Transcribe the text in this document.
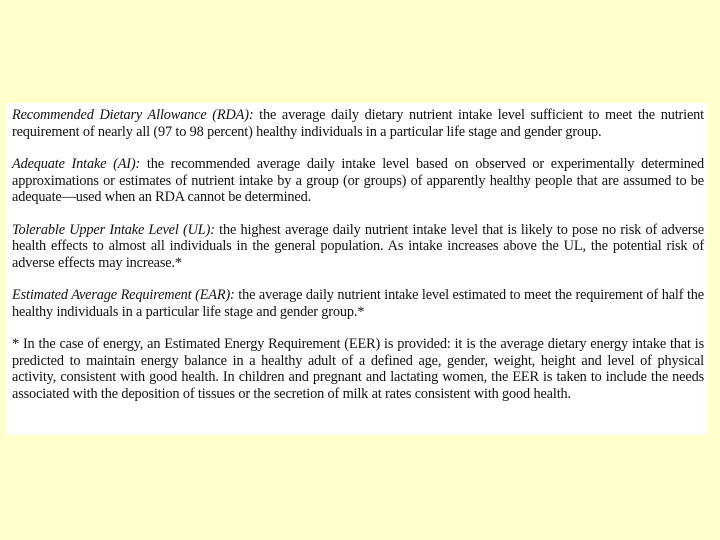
Recommended Dietary Allowance (RDA): the average daily dietary nutrient intake level sufficient to meet the nutrient requirement of nearly all (97 to 98 percent) healthy individuals in a particular life stage and gender group.

Adequate Intake (AI): the recommended average daily intake level based on observed or experimentally determined approximations or estimates of nutrient intake by a group (or groups) of apparently healthy people that are assumed to be adequate—used when an RDA cannot be determined.

Tolerable Upper Intake Level (UL): the highest average daily nutrient intake level that is likely to pose no risk of adverse health effects to almost all individuals in the general population. As intake increases above the UL, the potential risk of adverse effects may increase.*

Estimated Average Requirement (EAR): the average daily nutrient intake level estimated to meet the requirement of half the healthy individuals in a particular life stage and gender group.*

* In the case of energy, an Estimated Energy Requirement (EER) is provided: it is the average dietary energy intake that is predicted to maintain energy balance in a healthy adult of a defined age, gender, weight, height and level of physical activity, consistent with good health. In children and pregnant and lactating women, the EER is taken to include the needs associated with the deposition of tissues or the secretion of milk at rates consistent with good health.
